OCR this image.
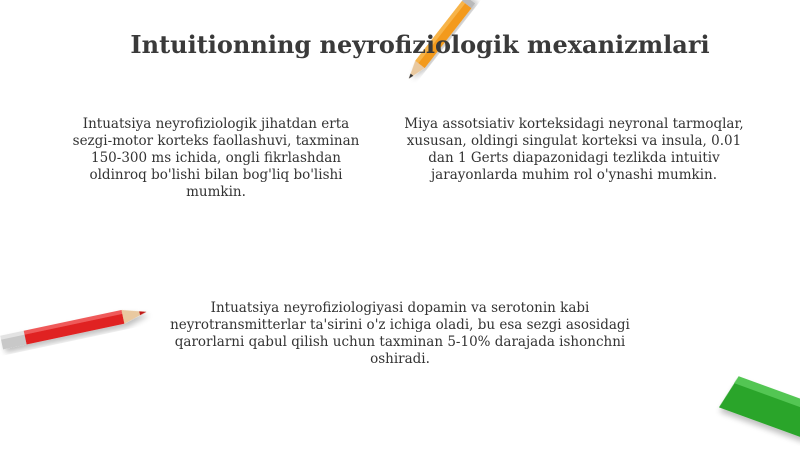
Intuitionning neyrofiziologik mexanizmlari
Intuatsiya neyrofiziologik jihatdan erta sezgi-motor korteks faollashuvi, taxminan 150-300 ms ichida, ongli fikrlashdan oldinroq bo'lishi bilan bog'liq bo'lishi mumkin.
Miya assotsiativ korteksidagi neyronal tarmoqlar, xususan, oldingi singulat korteksi va insula, 0.01 dan 1 Gerts diapazonidagi tezlikda intuitiv jarayonlarda muhim rol o'ynashi mumkin.
Intuatsiya neyrofiziologiyasi dopamin va serotonin kabi neyrotransmitterlar ta'sirini o'z ichiga oladi, bu esa sezgi asosidagi qarorlarni qabul qilish uchun taxminan 5-10% darajada ishonchni oshiradi.
